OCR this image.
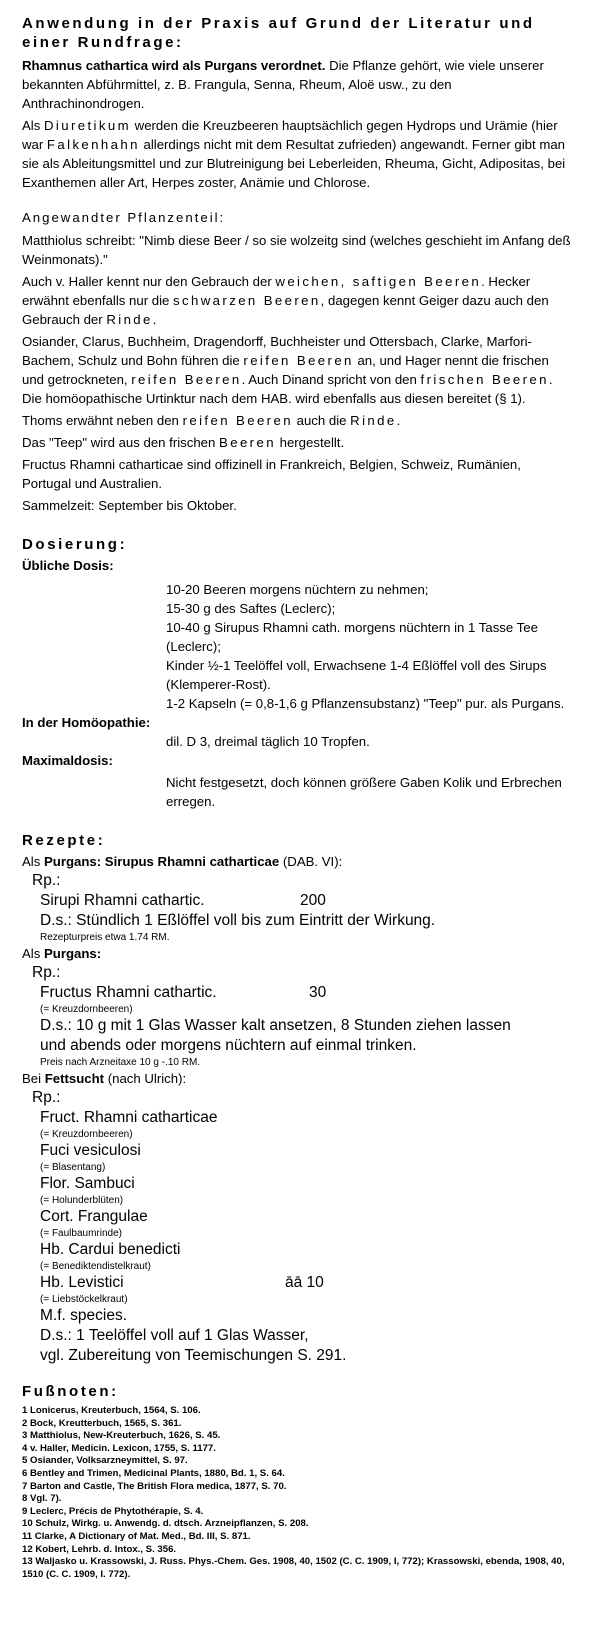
Anwendung in der Praxis auf Grund der Literatur und einer Rundfrage:

Rhamnus cathartica wird als Purgans verordnet. Die Pflanze gehört, wie viele unserer bekannten Abführmittel, z. B. Frangula, Senna, Rheum, Aloë usw., zu den Anthrachinondrogen.

Als Diuretikum werden die Kreuzbeeren hauptsächlich gegen Hydrops und Urämie (hier war Falkenhahn allerdings nicht mit dem Resultat zufrieden) angewandt. Ferner gibt man sie als Ableitungsmittel und zur Blutreinigung bei Leberleiden, Rheuma, Gicht, Adipositas, bei Exanthemen aller Art, Herpes zoster, Anämie und Chlorose.

Angewandter Pflanzenteil:

Matthiolus schreibt: "Nimb diese Beer / so sie wolzeitg sind (welches geschieht im Anfang deß Weinmonats)."

Auch v. Haller kennt nur den Gebrauch der weichen, saftigen Beeren. Hecker erwähnt ebenfalls nur die schwarzen Beeren, dagegen kennt Geiger dazu auch den Gebrauch der Rinde.

Osiander, Clarus, Buchheim, Dragendorff, Buchheister und Ottersbach, Clarke, Marfori-Bachem, Schulz und Bohn führen die reifen Beeren an, und Hager nennt die frischen und getrockneten, reifen Beeren. Auch Dinand spricht von den frischen Beeren. Die homöopathische Urtinktur nach dem HAB. wird ebenfalls aus diesen bereitet (§ 1).

Thoms erwähnt neben den reifen Beeren auch die Rinde.

Das "Teep" wird aus den frischen Beeren hergestellt.

Fructus Rhamni catharticae sind offizinell in Frankreich, Belgien, Schweiz, Rumänien, Portugal und Australien.

Sammelzeit: September bis Oktober.

Dosierung:

Übliche Dosis:

10-20 Beeren morgens nüchtern zu nehmen;

15-30 g des Saftes (Leclerc);

10-40 g Sirupus Rhamni cath. morgens nüchtern in 1 Tasse Tee (Leclerc);

Kinder ½-1 Teelöffel voll, Erwachsene 1-4 Eßlöffel voll des Sirups (Klemperer-Rost).

1-2 Kapseln (= 0,8-1,6 g Pflanzensubstanz) "Teep" pur. als Purgans.

In der Homöopathie:

dil. D 3, dreimal täglich 10 Tropfen.

Maximaldosis:

Nicht festgesetzt, doch können größere Gaben Kolik und Erbrechen erregen.

Rezepte:

Als Purgans: Sirupus Rhamni catharticae (DAB. VI):

Rp.:

Sirupi Rhamni cathartic.	200

D.s.: Stündlich 1 Eßlöffel voll bis zum Eintritt der Wirkung.

Rezepturpreis etwa 1.74 RM.

Als Purgans:

Rp.:

Fructus Rhamni cathartic.	30

(= Kreuzdornbeeren)

D.s.: 10 g mit 1 Glas Wasser kalt ansetzen, 8 Stunden ziehen lassen

und abends oder morgens nüchtern auf einmal trinken.

Preis nach Arzneitaxe 10 g -.10 RM.

Bei Fettsucht (nach Ulrich):

Rp.:

Fruct. Rhamni catharticae

(= Kreuzdornbeeren)

Fuci vesiculosi

(= Blasentang)

Flor. Sambuci

(= Holunderblüten)

Cort. Frangulae

(= Faulbaumrinde)

Hb. Cardui benedicti

(= Benediktendistelkraut)

Hb. Levistici	āā 10

(= Liebstöckelkraut)

M.f. species.

D.s.: 1 Teelöffel voll auf 1 Glas Wasser,

vgl. Zubereitung von Teemischungen S. 291.

Fußnoten:

1 Lonicerus, Kreuterbuch, 1564, S. 106.

2 Bock, Kreutterbuch, 1565, S. 361.

3 Matthiolus, New-Kreuterbuch, 1626, S. 45.

4 v. Haller, Medicin. Lexicon, 1755, S. 1177.

5 Osiander, Volksarzneymittel, S. 97.

6 Bentley and Trimen, Medicinal Plants, 1880, Bd. 1, S. 64.

7 Barton and Castle, The British Flora medica, 1877, S. 70.

8 Vgl. 7).

9 Leclerc, Précis de Phytothérapie, S. 4.

10 Schulz, Wirkg. u. Anwendg. d. dtsch. Arzneipflanzen, S. 208.

11 Clarke, A Dictionary of Mat. Med., Bd. III, S. 871.

12 Kobert, Lehrb. d. Intox., S. 356.

13 Waljasko u. Krassowski, J. Russ. Phys.-Chem. Ges. 1908, 40, 1502 (C. C. 1909, I, 772); Krassowski, ebenda, 1908, 40, 1510 (C. C. 1909, I. 772).
